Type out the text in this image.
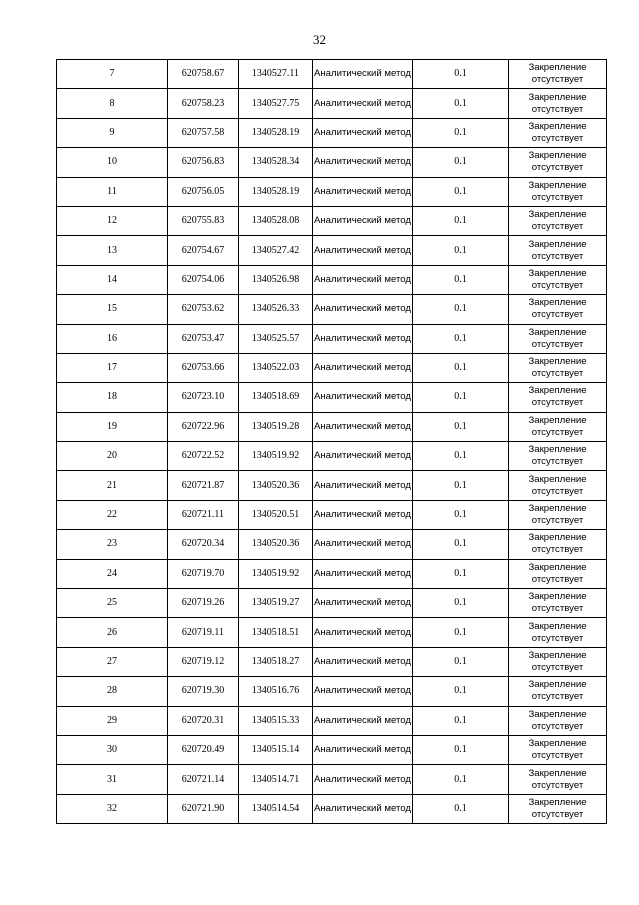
32
7	620758.67	1340527.11	Аналитический метод	0.1	Закрепление отсутствует
8	620758.23	1340527.75	Аналитический метод	0.1	Закрепление отсутствует
9	620757.58	1340528.19	Аналитический метод	0.1	Закрепление отсутствует
10	620756.83	1340528.34	Аналитический метод	0.1	Закрепление отсутствует
11	620756.05	1340528.19	Аналитический метод	0.1	Закрепление отсутствует
12	620755.83	1340528.08	Аналитический метод	0.1	Закрепление отсутствует
13	620754.67	1340527.42	Аналитический метод	0.1	Закрепление отсутствует
14	620754.06	1340526.98	Аналитический метод	0.1	Закрепление отсутствует
15	620753.62	1340526.33	Аналитический метод	0.1	Закрепление отсутствует
16	620753.47	1340525.57	Аналитический метод	0.1	Закрепление отсутствует
17	620753.66	1340522.03	Аналитический метод	0.1	Закрепление отсутствует
18	620723.10	1340518.69	Аналитический метод	0.1	Закрепление отсутствует
19	620722.96	1340519.28	Аналитический метод	0.1	Закрепление отсутствует
20	620722.52	1340519.92	Аналитический метод	0.1	Закрепление отсутствует
21	620721.87	1340520.36	Аналитический метод	0.1	Закрепление отсутствует
22	620721.11	1340520.51	Аналитический метод	0.1	Закрепление отсутствует
23	620720.34	1340520.36	Аналитический метод	0.1	Закрепление отсутствует
24	620719.70	1340519.92	Аналитический метод	0.1	Закрепление отсутствует
25	620719.26	1340519.27	Аналитический метод	0.1	Закрепление отсутствует
26	620719.11	1340518.51	Аналитический метод	0.1	Закрепление отсутствует
27	620719.12	1340518.27	Аналитический метод	0.1	Закрепление отсутствует
28	620719.30	1340516.76	Аналитический метод	0.1	Закрепление отсутствует
29	620720.31	1340515.33	Аналитический метод	0.1	Закрепление отсутствует
30	620720.49	1340515.14	Аналитический метод	0.1	Закрепление отсутствует
31	620721.14	1340514.71	Аналитический метод	0.1	Закрепление отсутствует
32	620721.90	1340514.54	Аналитический метод	0.1	Закрепление отсутствует
